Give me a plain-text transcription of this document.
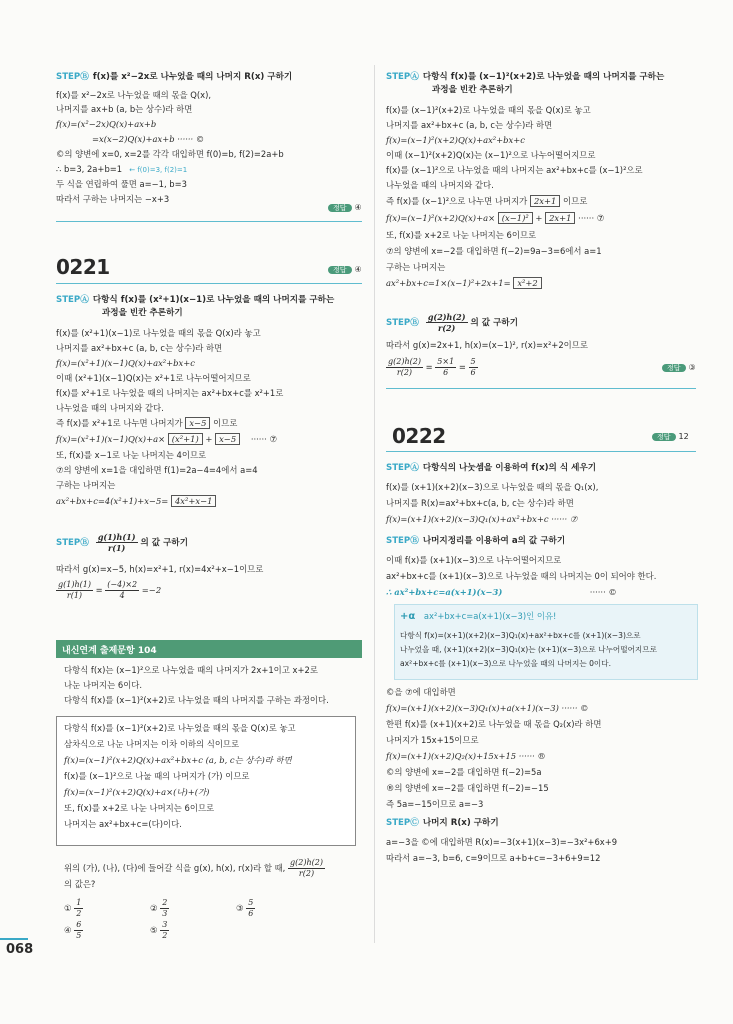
STEPⒷ f(x)를 x²−2x로 나누었을 때의 나머지 R(x) 구하기
f(x)를 x²−2x로 나누었을 때의 몫을 Q(x),
나머지를 ax+b (a, b는 상수)라 하면
f(x)=(x²−2x)Q(x)+ax+b
=x(x−2)Q(x)+ax+b ······ ©
©의 양변에 x=0, x=2를 각각 대입하면 f(0)=b, f(2)=2a+b
∴ b=3, 2a+b=1   ← f(0)=3, f(2)=1
두 식을 연립하여 풀면 a=−1, b=3
따라서 구하는 나머지는 −x+3
정답 ④
0221	정답 ④
STEPⒶ 다항식 f(x)를 (x²+1)(x−1)로 나누었을 때의 나머지를 구하는
과정을 빈칸 추론하기
f(x)를 (x²+1)(x−1)로 나누었을 때의 몫을 Q(x)라 놓고
나머지를 ax²+bx+c (a, b, c는 상수)라 하면
f(x)=(x²+1)(x−1)Q(x)+ax²+bx+c
이때 (x²+1)(x−1)Q(x)는 x²+1로 나누어떨어지므로
f(x)를 x²+1로 나누었을 때의 나머지는 ax²+bx+c를 x²+1로
나누었을 때의 나머지와 같다.
즉 f(x)를 x²+1로 나누면 나머지가 x−5 이므로
f(x)=(x²+1)(x−1)Q(x)+a× (x²+1) + x−5 ······ ⑦
또, f(x)를 x−1로 나눈 나머지는 4이므로
⑦의 양변에 x=1을 대입하면 f(1)=2a−4=4에서 a=4
구하는 나머지는
ax²+bx+c=4(x²+1)+x−5= 4x²+x−1
STEPⒷ $\frac{g(1)h(1)}{r(1)}$ 의 값 구하기
따라서 g(x)=x−5, h(x)=x²+1, r(x)=4x²+x−1이므로
$\frac{g(1)h(1)}{r(1)} = \frac{(-4)\times 2}{4} =-2$
내신연계 출제문항 104
다항식 f(x)는 (x−1)²으로 나누었을 때의 나머지가 2x+1이고 x+2로
나눈 나머지는 6이다.
다항식 f(x)를 (x−1)²(x+2)로 나누었을 때의 나머지를 구하는 과정이다.
다항식 f(x)를 (x−1)²(x+2)로 나누었을 때의 몫을 Q(x)로 놓고
삼차식으로 나눈 나머지는 이차 이하의 식이므로
f(x)=(x−1)²(x+2)Q(x)+ax²+bx+c (a, b, c는 상수)라 하면
f(x)를 (x−1)²으로 나눌 때의 나머지가 (가) 이므로
f(x)=(x−1)²(x+2)Q(x)+a×(나)+(가)
또, f(x)를 x+2로 나눈 나머지는 6이므로
나머지는 ax²+bx+c=(다)이다.
위의 (가), (나), (다)에 들어갈 식을 g(x), h(x), r(x)라 할 때, $\frac{g(2)h(2)}{r(2)}$
의 값은?
① $\frac{1}{2}$	② $\frac{2}{3}$	③ $\frac{5}{6}$
④ $\frac{6}{5}$	⑤ $\frac{3}{2}$
STEPⒶ 다항식 f(x)를 (x−1)²(x+2)로 나누었을 때의 나머지를 구하는
과정을 빈칸 추론하기
f(x)를 (x−1)²(x+2)로 나누었을 때의 몫을 Q(x)로 놓고
나머지를 ax²+bx+c (a, b, c는 상수)라 하면
f(x)=(x−1)²(x+2)Q(x)+ax²+bx+c
이때 (x−1)²(x+2)Q(x)는 (x−1)²으로 나누어떨어지므로
f(x)를 (x−1)²으로 나누었을 때의 나머지는 ax²+bx+c를 (x−1)²으로
나누었을 때의 나머지와 같다.
즉 f(x)를 (x−1)²으로 나누면 나머지가 2x+1 이므로
f(x)=(x−1)²(x+2)Q(x)+a× (x−1)² + 2x+1 ······ ⑦
또, f(x)를 x+2로 나눈 나머지는 6이므로
⑦의 양변에 x=−2를 대입하면 f(−2)=9a−3=6에서 a=1
구하는 나머지는
ax²+bx+c=1×(x−1)²+2x+1= x²+2
STEPⒷ $\frac{g(2)h(2)}{r(2)}$ 의 값 구하기
따라서 g(x)=2x+1, h(x)=(x−1)², r(x)=x²+2이므로
$\frac{g(2)h(2)}{r(2)} = \frac{5\times 1}{6} = \frac{5}{6}$	정답 ③
0222	정답 12
STEPⒶ 다항식의 나눗셈을 이용하여 f(x)의 식 세우기
f(x)를 (x+1)(x+2)(x−3)으로 나누었을 때의 몫을 Q₁(x),
나머지를 R(x)=ax²+bx+c(a, b, c는 상수)라 하면
f(x)=(x+1)(x+2)(x−3)Q₁(x)+ax²+bx+c ······ ⑦
STEPⒷ 나머지정리를 이용하여 a의 값 구하기
이때 f(x)를 (x+1)(x−3)으로 나누어떨어지므로
ax²+bx+c를 (x+1)(x−3)으로 나누었을 때의 나머지는 0이 되어야 한다.
∴ ax²+bx+c=a(x+1)(x−3)	······ ©
+α ax²+bx+c=a(x+1)(x−3)인 이유!
다항식 f(x)=(x+1)(x+2)(x−3)Q₁(x)+ax²+bx+c를 (x+1)(x−3)으로
나누었을 때, (x+1)(x+2)(x−3)Q₁(x)는 (x+1)(x−3)으로 나누어떨어지므로
ax²+bx+c를 (x+1)(x−3)으로 나누었을 때의 나머지는 0이다.
©을 ⑦에 대입하면
f(x)=(x+1)(x+2)(x−3)Q₁(x)+a(x+1)(x−3) ······ ©
한편 f(x)를 (x+1)(x+2)로 나누었을 때 몫을 Q₂(x)라 하면
나머지가 15x+15이므로
f(x)=(x+1)(x+2)Q₂(x)+15x+15 ······ ®
©의 양변에 x=−2를 대입하면 f(−2)=5a
®의 양변에 x=−2를 대입하면 f(−2)=−15
즉 5a=−15이므로 a=−3
STEPⒸ 나머지 R(x) 구하기
a=−3을 ©에 대입하면 R(x)=−3(x+1)(x−3)=−3x²+6x+9
따라서 a=−3, b=6, c=9이므로 a+b+c=−3+6+9=12
068
